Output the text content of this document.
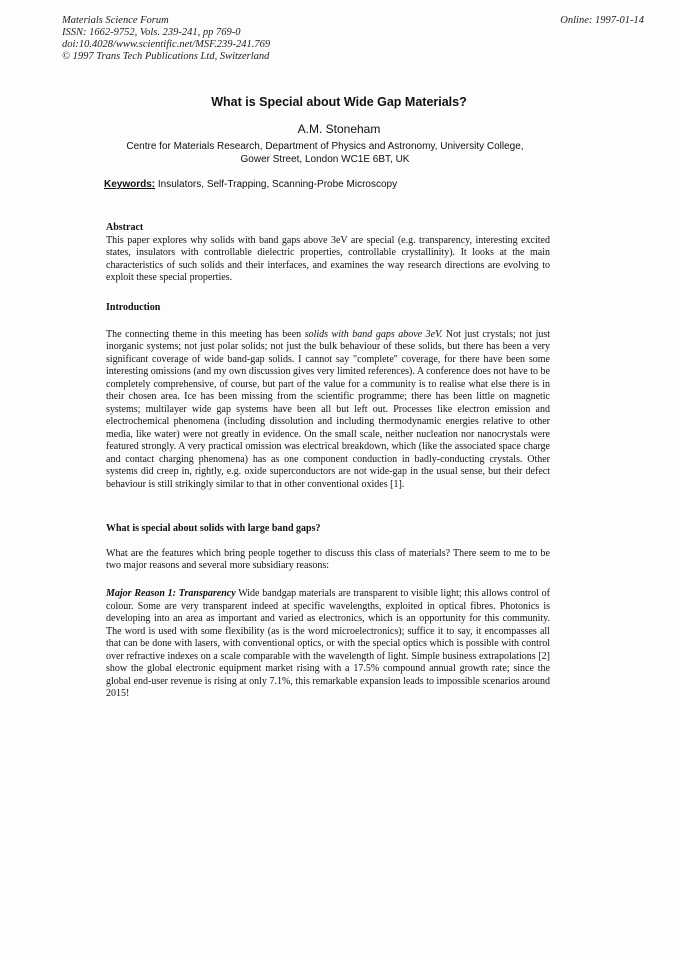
Materials Science Forum
ISSN: 1662-9752, Vols. 239-241, pp 769-0
doi:10.4028/www.scientific.net/MSF.239-241.769
© 1997 Trans Tech Publications Ltd, Switzerland
Online: 1997-01-14
What is Special about Wide Gap Materials?
A.M. Stoneham
Centre for Materials Research, Department of Physics and Astronomy, University College,
Gower Street, London WC1E 6BT, UK
Keywords: Insulators, Self-Trapping, Scanning-Probe Microscopy
Abstract

This paper explores why solids with band gaps above 3eV are special (e.g. transparency, interesting excited states, insulators with controllable dielectric properties, controllable crystallinity). It looks at the main characteristics of such solids and their interfaces, and examines the way research directions are evolving to exploit these special properties.

Introduction

The connecting theme in this meeting has been solids with band gaps above 3eV. Not just crystals; not just inorganic systems; not just polar solids; not just the bulk behaviour of these solids, but there has been a very significant coverage of wide band-gap solids. I cannot say "complete" coverage, for there have been some interesting omissions (and my own discussion gives very limited references). A conference does not have to be completely comprehensive, of course, but part of the value for a community is to realise what else there is in their chosen area. Ice has been missing from the scientific programme; there has been little on magnetic systems; multilayer wide gap systems have been all but left out. Processes like electron emission and electrochemical phenomena (including dissolution and including thermodynamic energies relative to other media, like water) were not greatly in evidence. On the small scale, neither nucleation nor nanocrystals were featured strongly. A very practical omission was electrical breakdown, which (like the associated space charge and contact charging phenomena) has as one component conduction in badly-conducting crystals. Other systems did creep in, rightly, e.g. oxide superconductors are not wide-gap in the usual sense, but their defect behaviour is still strikingly similar to that in other conventional oxides [1].

What is special about solids with large band gaps?

What are the features which bring people together to discuss this class of materials? There seem to me to be two major reasons and several more subsidiary reasons:

Major Reason 1: Transparency Wide bandgap materials are transparent to visible light; this allows control of colour. Some are very transparent indeed at specific wavelengths, exploited in optical fibres. Photonics is developing into an area as important and varied as electronics, which is an opportunity for this community. The word is used with some flexibility (as is the word microelectronics); suffice it to say, it encompasses all that can be done with lasers, with conventional optics, or with the special optics which is possible with control over refractive indexes on a scale comparable with the wavelength of light. Simple business extrapolations [2] show the global electronic equipment market rising with a 17.5% compound annual growth rate; since the global end-user revenue is rising at only 7.1%, this remarkable expansion leads to impossible scenarios around 2015!
